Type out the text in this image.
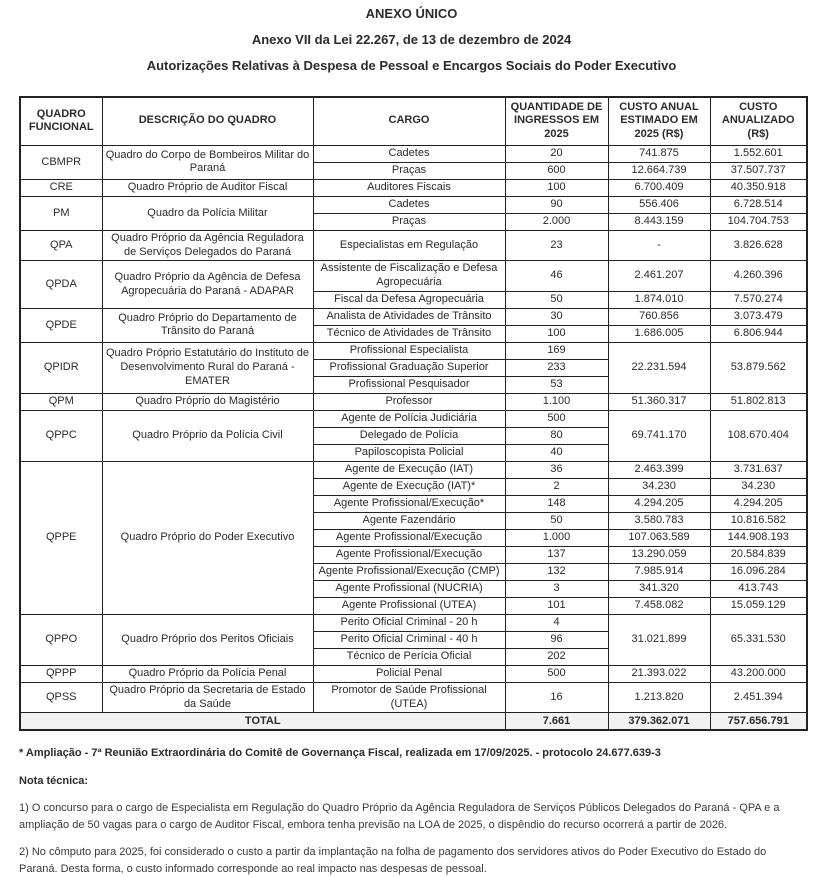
ANEXO ÚNICO
Anexo VII da Lei 22.267, de 13 de dezembro de 2024
Autorizações Relativas à Despesa de Pessoal e Encargos Sociais do Poder Executivo
QUADRO FUNCIONAL	DESCRIÇÃO DO QUADRO	CARGO	QUANTIDADE DE INGRESSOS EM 2025	CUSTO ANUAL ESTIMADO EM 2025 (R$)	CUSTO ANUALIZADO (R$)
CBMPR	Quadro do Corpo de Bombeiros Militar do Paraná	Cadetes	20	741.875	1.552.601
		Praças	600	12.664.739	37.507.737
CRE	Quadro Próprio de Auditor Fiscal	Auditores Fiscais	100	6.700.409	40.350.918
PM	Quadro da Polícia Militar	Cadetes	90	556.406	6.728.514
		Praças	2.000	8.443.159	104.704.753
QPA	Quadro Próprio da Agência Reguladora de Serviços Delegados do Paraná	Especialistas em Regulação	23	-	3.826.628
QPDA	Quadro Próprio da Agência de Defesa Agropecuária do Paraná - ADAPAR	Assistente de Fiscalização e Defesa Agropecuária	46	2.461.207	4.260.396
		Fiscal da Defesa Agropecuária	50	1.874.010	7.570.274
QPDE	Quadro Próprio do Departamento de Trânsito do Paraná	Analista de Atividades de Trânsito	30	760.856	3.073.479
		Técnico de Atividades de Trânsito	100	1.686.005	6.806.944
QPIDR	Quadro Próprio Estatutário do Instituto de Desenvolvimento Rural do Paraná - EMATER	Profissional Especialista	169	22.231.594	53.879.562
		Profissional Graduação Superior	233		
		Profissional Pesquisador	53		
QPM	Quadro Próprio do Magistério	Professor	1.100	51.360.317	51.802.813
QPPC	Quadro Próprio da Polícia Civil	Agente de Polícia Judiciária	500	69.741.170	108.670.404
		Delegado de Polícia	80		
		Papiloscopista Policial	40		
QPPE	Quadro Próprio do Poder Executivo	Agente de Execução (IAT)	36	2.463.399	3.731.637
		Agente de Execução (IAT)*	2	34.230	34.230
		Agente Profissional/Execução*	148	4.294.205	4.294.205
		Agente Fazendário	50	3.580.783	10.816.582
		Agente Profissional/Execução	1.000	107.063.589	144.908.193
		Agente Profissional/Execução	137	13.290.059	20.584.839
		Agente Profissional/Execução (CMP)	132	7.985.914	16.096.284
		Agente Profissional (NUCRIA)	3	341.320	413.743
		Agente Profissional (UTEA)	101	7.458.082	15.059.129
QPPO	Quadro Próprio dos Peritos Oficiais	Perito Oficial Criminal - 20 h	4	31.021.899	65.331.530
		Perito Oficial Criminal - 40 h	96		
		Técnico de Perícia Oficial	202		
QPPP	Quadro Próprio da Polícia Penal	Policial Penal	500	21.393.022	43.200.000
QPSS	Quadro Próprio da Secretaria de Estado da Saúde	Promotor de Saúde Profissional (UTEA)	16	1.213.820	2.451.394
TOTAL			7.661	379.362.071	757.656.791

* Ampliação - 7ª Reunião Extraordinária do Comitê de Governança Fiscal, realizada em 17/09/2025. - protocolo 24.677.639-3

Nota técnica:

1) O concurso para o cargo de Especialista em Regulação do Quadro Próprio da Agência Reguladora de Serviços Públicos Delegados do Paraná - QPA e a ampliação de 50 vagas para o cargo de Auditor Fiscal, embora tenha previsão na LOA de 2025, o dispêndio do recurso ocorrerá a partir de 2026.

2) No cômputo para 2025, foi considerado o custo a partir da implantação na folha de pagamento dos servidores ativos do Poder Executivo do Estado do Paraná. Desta forma, o custo informado corresponde ao real impacto nas despesas de pessoal.
